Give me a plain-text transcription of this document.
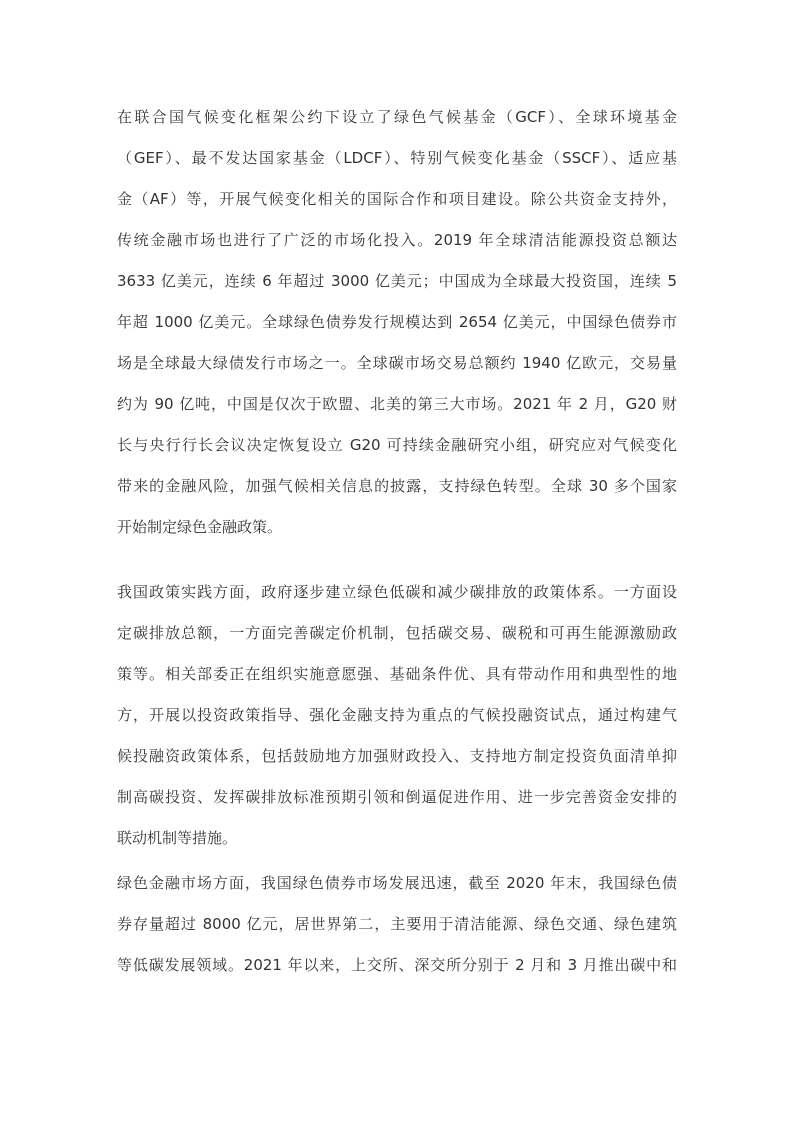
在联合国气候变化框架公约下设立了绿色气候基金（GCF）、全球环境基金
（GEF）、最不发达国家基金（LDCF）、特别气候变化基金（SSCF）、适应基
金（AF）等，开展气候变化相关的国际合作和项目建设。除公共资金支持外，
传统金融市场也进行了广泛的市场化投入。2019 年全球清洁能源投资总额达
3633 亿美元，连续 6 年超过 3000 亿美元；中国成为全球最大投资国，连续 5
年超 1000 亿美元。全球绿色债券发行规模达到 2654 亿美元，中国绿色债券市
场是全球最大绿债发行市场之一。全球碳市场交易总额约 1940 亿欧元，交易量
约为 90 亿吨，中国是仅次于欧盟、北美的第三大市场。2021 年 2 月，G20 财
长与央行行长会议决定恢复设立 G20 可持续金融研究小组，研究应对气候变化
带来的金融风险，加强气候相关信息的披露，支持绿色转型。全球 30 多个国家
开始制定绿色金融政策。
我国政策实践方面，政府逐步建立绿色低碳和减少碳排放的政策体系。一方面设
定碳排放总额，一方面完善碳定价机制，包括碳交易、碳税和可再生能源激励政
策等。相关部委正在组织实施意愿强、基础条件优、具有带动作用和典型性的地
方，开展以投资政策指导、强化金融支持为重点的气候投融资试点，通过构建气
候投融资政策体系，包括鼓励地方加强财政投入、支持地方制定投资负面清单抑
制高碳投资、发挥碳排放标准预期引领和倒逼促进作用、进一步完善资金安排的
联动机制等措施。
绿色金融市场方面，我国绿色债券市场发展迅速，截至 2020 年末，我国绿色债
券存量超过 8000 亿元，居世界第二，主要用于清洁能源、绿色交通、绿色建筑
等低碳发展领域。2021 年以来，上交所、深交所分别于 2 月和 3 月推出碳中和
